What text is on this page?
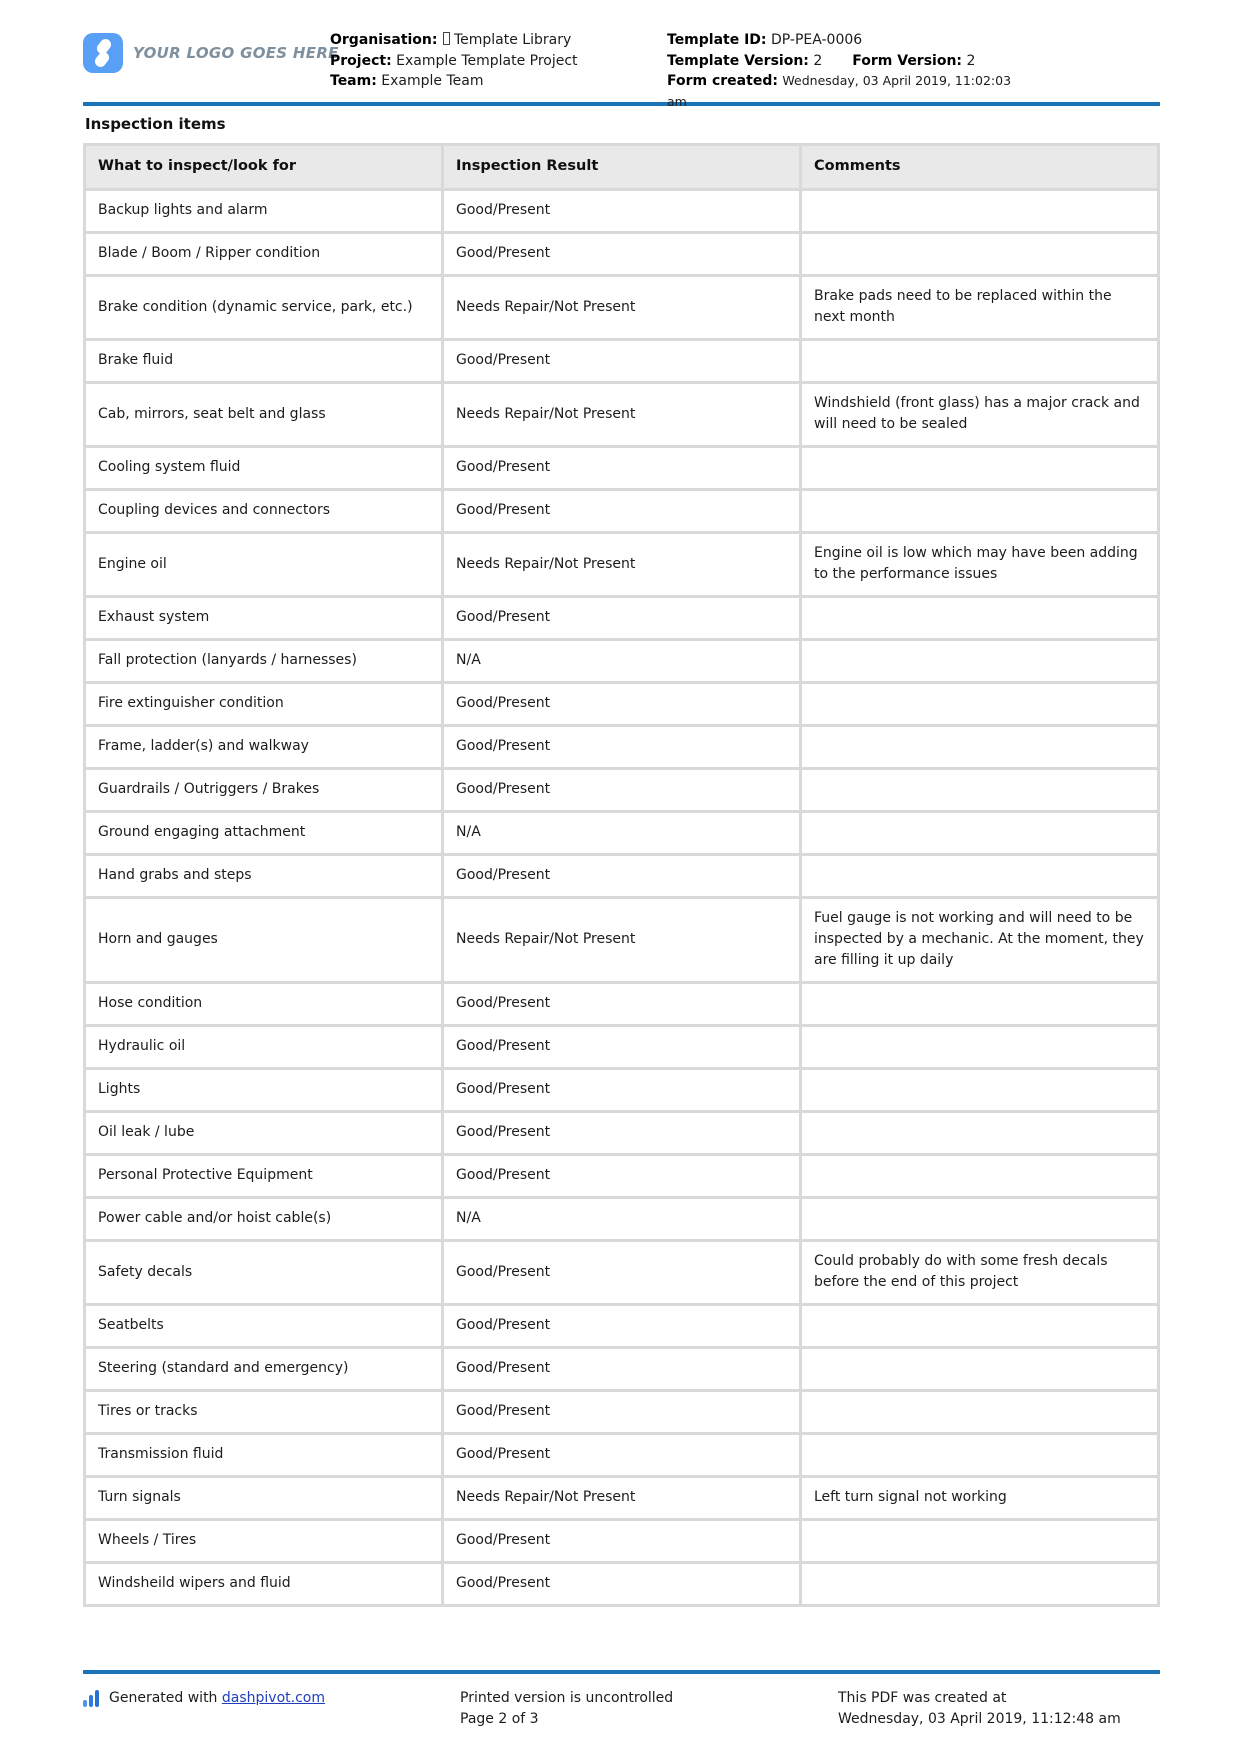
YOUR LOGO GOES HERE
Organisation: Template Library
Project: Example Template Project
Team: Example Team
Template ID: DP-PEA-0006
Template Version: 2 Form Version: 2
Form created: Wednesday, 03 April 2019, 11:02:03 am
Inspection items
What to inspect/look for	Inspection Result	Comments
Backup lights and alarm	Good/Present	
Blade / Boom / Ripper condition	Good/Present	
Brake condition (dynamic service, park, etc.)	Needs Repair/Not Present	Brake pads need to be replaced within the next month
Brake fluid	Good/Present	
Cab, mirrors, seat belt and glass	Needs Repair/Not Present	Windshield (front glass) has a major crack and will need to be sealed
Cooling system fluid	Good/Present	
Coupling devices and connectors	Good/Present	
Engine oil	Needs Repair/Not Present	Engine oil is low which may have been adding to the performance issues
Exhaust system	Good/Present	
Fall protection (lanyards / harnesses)	N/A	
Fire extinguisher condition	Good/Present	
Frame, ladder(s) and walkway	Good/Present	
Guardrails / Outriggers / Brakes	Good/Present	
Ground engaging attachment	N/A	
Hand grabs and steps	Good/Present	
Horn and gauges	Needs Repair/Not Present	Fuel gauge is not working and will need to be inspected by a mechanic. At the moment, they are filling it up daily
Hose condition	Good/Present	
Hydraulic oil	Good/Present	
Lights	Good/Present	
Oil leak / lube	Good/Present	
Personal Protective Equipment	Good/Present	
Power cable and/or hoist cable(s)	N/A	
Safety decals	Good/Present	Could probably do with some fresh decals before the end of this project
Seatbelts	Good/Present	
Steering (standard and emergency)	Good/Present	
Tires or tracks	Good/Present	
Transmission fluid	Good/Present	
Turn signals	Needs Repair/Not Present	Left turn signal not working
Wheels / Tires	Good/Present	
Windsheild wipers and fluid	Good/Present	
Generated with dashpivot.com	Printed version is uncontrolled
Page 2 of 3
This PDF was created at
Wednesday, 03 April 2019, 11:12:48 am
